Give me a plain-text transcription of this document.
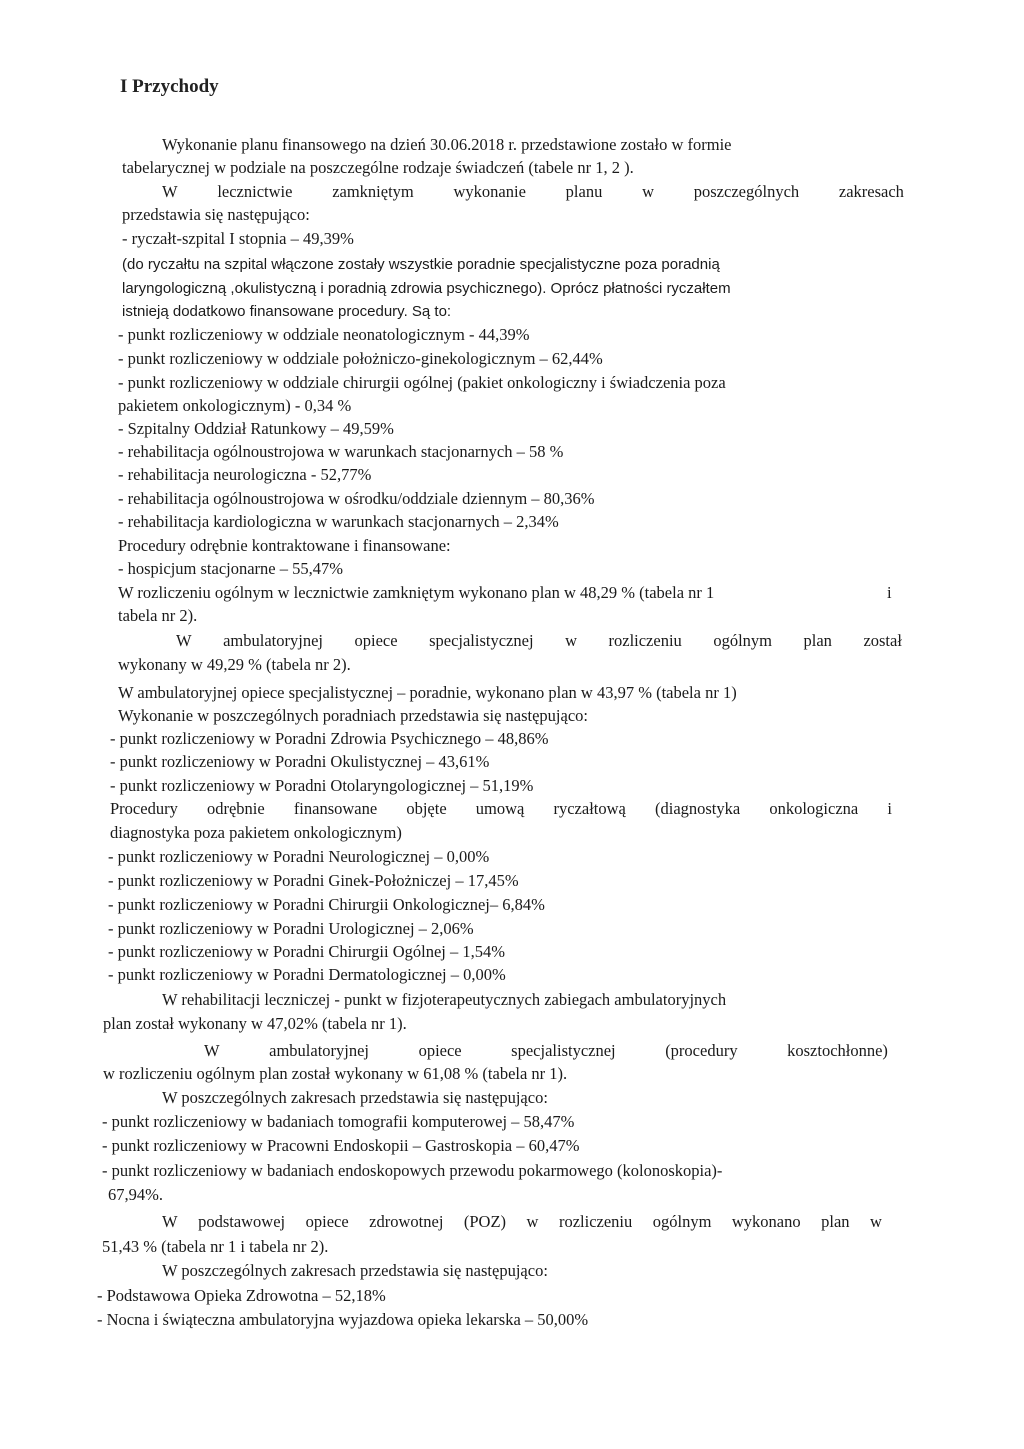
I Przychody
Wykonanie planu finansowego na dzień 30.06.2018 r. przedstawione zostało w formie
tabelarycznej w podziale na poszczególne rodzaje świadczeń (tabele nr 1, 2 ).
W lecznictwie zamkniętym wykonanie planu w poszczególnych zakresach
przedstawia się następująco:
- ryczałt-szpital I stopnia – 49,39%
(do ryczałtu na szpital włączone zostały wszystkie poradnie specjalistyczne poza poradnią
laryngologiczną ,okulistyczną i poradnią zdrowia psychicznego). Oprócz płatności ryczałtem
istnieją dodatkowo finansowane procedury. Są to:
- punkt rozliczeniowy w oddziale neonatologicznym - 44,39%
- punkt rozliczeniowy w oddziale położniczo-ginekologicznym – 62,44%
- punkt rozliczeniowy w oddziale chirurgii ogólnej (pakiet onkologiczny i świadczenia poza
pakietem onkologicznym) - 0,34 %
- Szpitalny Oddział Ratunkowy – 49,59%
- rehabilitacja ogólnoustrojowa w warunkach stacjonarnych – 58 %
- rehabilitacja neurologiczna - 52,77%
- rehabilitacja ogólnoustrojowa w ośrodku/oddziale dziennym – 80,36%
- rehabilitacja kardiologiczna w warunkach stacjonarnych – 2,34%
Procedury odrębnie kontraktowane i finansowane:
- hospicjum stacjonarne – 55,47%
W rozliczeniu ogólnym w lecznictwie zamkniętym wykonano plan w 48,29 % (tabela nr 1	i
tabela nr 2).
W ambulatoryjnej opiece specjalistycznej w rozliczeniu ogólnym plan został
wykonany w 49,29 % (tabela nr 2).
W ambulatoryjnej opiece specjalistycznej – poradnie, wykonano plan w 43,97 % (tabela nr 1)
Wykonanie w poszczególnych poradniach przedstawia się następująco:
- punkt rozliczeniowy w Poradni Zdrowia Psychicznego – 48,86%
- punkt rozliczeniowy w Poradni Okulistycznej – 43,61%
- punkt rozliczeniowy w Poradni Otolaryngologicznej – 51,19%
Procedury odrębnie finansowane objęte umową ryczałtową (diagnostyka onkologiczna i
diagnostyka poza pakietem onkologicznym)
- punkt rozliczeniowy w Poradni Neurologicznej – 0,00%
- punkt rozliczeniowy w Poradni Ginek-Położniczej – 17,45%
- punkt rozliczeniowy w Poradni Chirurgii Onkologicznej– 6,84%
- punkt rozliczeniowy w Poradni Urologicznej – 2,06%
- punkt rozliczeniowy w Poradni Chirurgii Ogólnej – 1,54%
- punkt rozliczeniowy w Poradni Dermatologicznej – 0,00%
W rehabilitacji leczniczej - punkt w fizjoterapeutycznych zabiegach ambulatoryjnych
plan został wykonany w 47,02% (tabela nr 1).
W	ambulatoryjnej	opiece	specjalistycznej	(procedury	kosztochłonne)
w rozliczeniu ogólnym plan został wykonany w 61,08 % (tabela nr 1).
W poszczególnych zakresach przedstawia się następująco:
- punkt rozliczeniowy w badaniach tomografii komputerowej – 58,47%
- punkt rozliczeniowy w Pracowni Endoskopii – Gastroskopia – 60,47%
- punkt rozliczeniowy w badaniach endoskopowych przewodu pokarmowego (kolonoskopia)-
67,94%.
W podstawowej opiece zdrowotnej (POZ) w rozliczeniu ogólnym wykonano plan w
51,43 % (tabela nr 1 i tabela nr 2).
W poszczególnych zakresach przedstawia się następująco:
- Podstawowa Opieka Zdrowotna – 52,18%
- Nocna i świąteczna ambulatoryjna wyjazdowa opieka lekarska – 50,00%
